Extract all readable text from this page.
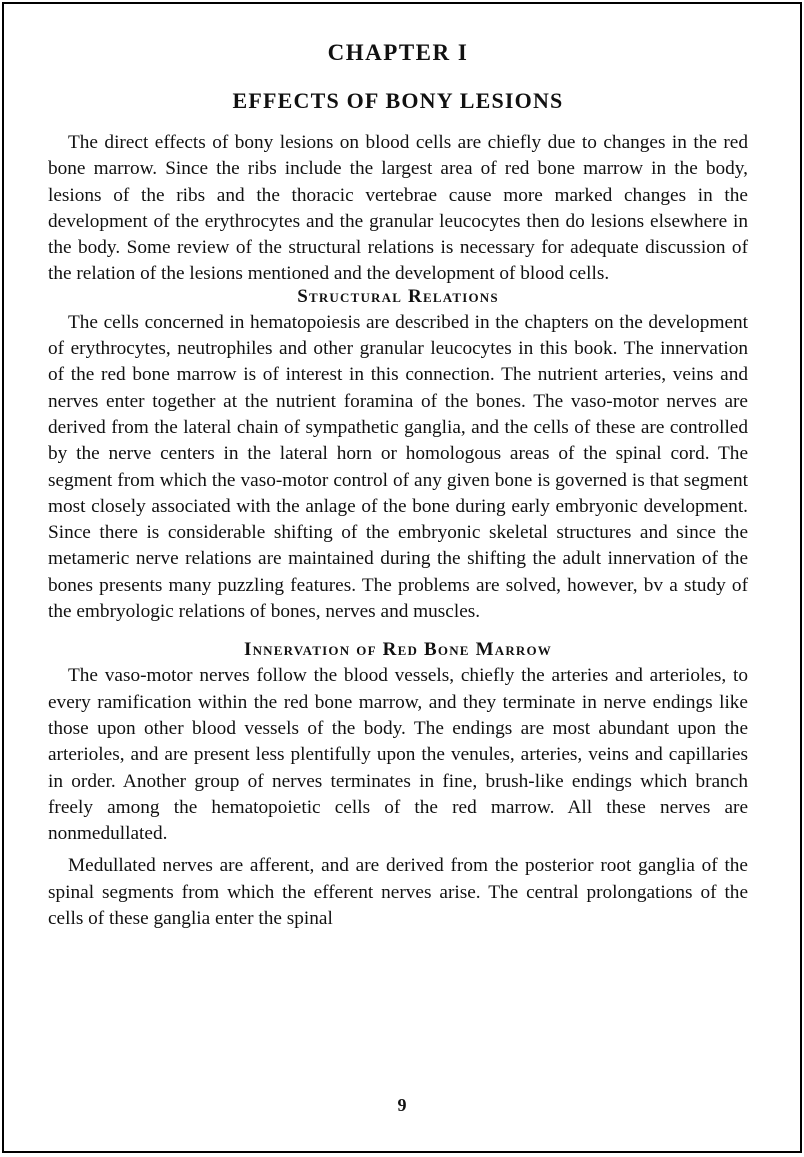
CHAPTER I
EFFECTS OF BONY LESIONS

The direct effects of bony lesions on blood cells are chiefly due to changes in the red bone marrow. Since the ribs include the largest area of red bone marrow in the body, lesions of the ribs and the thoracic vertebrae cause more marked changes in the development of the erythrocytes and the granular leucocytes then do lesions elsewhere in the body. Some review of the structural relations is necessary for adequate discussion of the relation of the lesions mentioned and the development of blood cells.

Structural Relations

The cells concerned in hematopoiesis are described in the chapters on the development of erythrocytes, neutrophiles and other granular leucocytes in this book. The innervation of the red bone marrow is of interest in this connection. The nutrient arteries, veins and nerves enter together at the nutrient foramina of the bones. The vaso-motor nerves are derived from the lateral chain of sympathetic ganglia, and the cells of these are controlled by the nerve centers in the lateral horn or homologous areas of the spinal cord. The segment from which the vaso-motor control of any given bone is governed is that segment most closely associated with the anlage of the bone during early embryonic development. Since there is considerable shifting of the embryonic skeletal structures and since the metameric nerve relations are maintained during the shifting the adult innervation of the bones presents many puzzling features. The problems are solved, however, bv a study of the embryologic relations of bones, nerves and muscles.

Innervation of Red Bone Marrow

The vaso-motor nerves follow the blood vessels, chiefly the arteries and arterioles, to every ramification within the red bone marrow, and they terminate in nerve endings like those upon other blood vessels of the body. The endings are most abundant upon the arterioles, and are present less plentifully upon the venules, arteries, veins and capillaries in order. Another group of nerves terminates in fine, brush-like endings which branch freely among the hematopoietic cells of the red marrow. All these nerves are nonmedullated.

Medullated nerves are afferent, and are derived from the posterior root ganglia of the spinal segments from which the efferent nerves arise. The central prolongations of the cells of these ganglia enter the spinal

9
